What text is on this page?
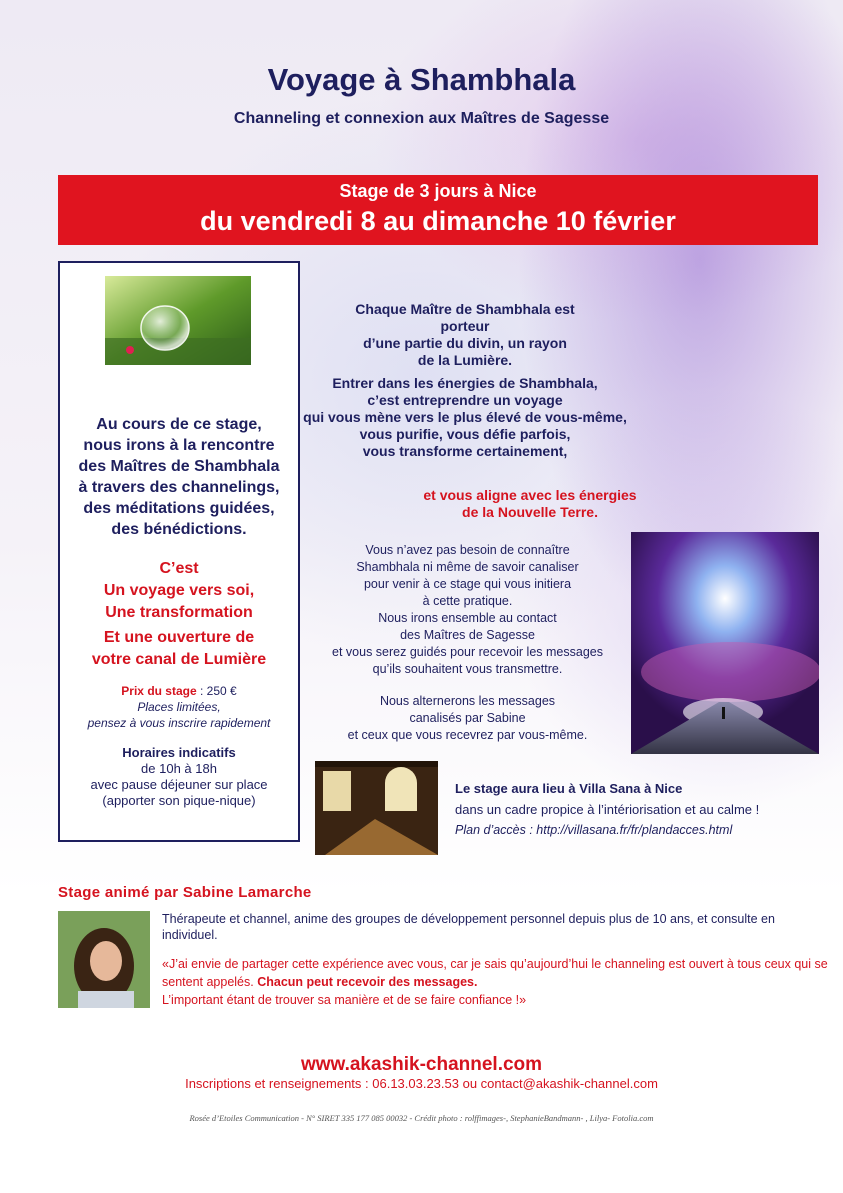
Voyage à Shambhala
Channeling et connexion aux Maîtres de Sagesse
Stage de 3 jours à Nice
du vendredi 8 au dimanche 10 février
Au cours de ce stage,
nous irons à la rencontre
des Maîtres de Shambhala
à travers des channelings,
des méditations guidées,
des bénédictions.
C’est
Un voyage vers soi,
Une transformation
Et une ouverture de
votre canal de Lumière
Prix du stage : 250 €
Places limitées,
pensez à vous inscrire rapidement
Horaires indicatifs
de 10h à 18h
avec pause déjeuner sur place
(apporter son pique-nique)
Chaque Maître de Shambhala est porteur
d’une partie du divin, un rayon
de la Lumière.
Entrer dans les énergies de Shambhala,
c’est entreprendre un voyage
qui vous mène vers le plus élevé de vous-même,
vous purifie, vous défie parfois,
vous transforme certainement,
et vous aligne avec les énergies
de la Nouvelle Terre.
Vous n’avez pas besoin de connaître
Shambhala ni même de savoir canaliser
pour venir à ce stage qui vous initiera
à cette pratique.
Nous irons ensemble au contact
des Maîtres de Sagesse
et vous serez guidés pour recevoir les messages
qu’ils souhaitent vous transmettre.
Nous alternerons les messages
canalisés par Sabine
et ceux que vous recevrez par vous-même.
Le stage aura lieu à Villa Sana à Nice
dans un cadre propice à l’intériorisation et au calme !
Plan d’accès : http://villasana.fr/fr/plandacces.html
Stage animé par Sabine Lamarche
Thérapeute et channel, anime des groupes de développement personnel depuis plus de 10 ans, et consulte en individuel.
«J’ai envie de partager cette expérience avec vous, car je sais qu’aujourd’hui le channeling est ouvert à tous ceux qui se sentent appelés. Chacun peut recevoir des messages.
L’important étant de trouver sa manière et de se faire confiance !»
www.akashik-channel.com
Inscriptions et renseignements : 06.13.03.23.53 ou contact@akashik-channel.com
Rosée d’Etoiles Communication - N° SIRET 335 177 085 00032 - Crédit photo : rolffimages-, StephanieBandmann- , Lilya- Fotolia.com
